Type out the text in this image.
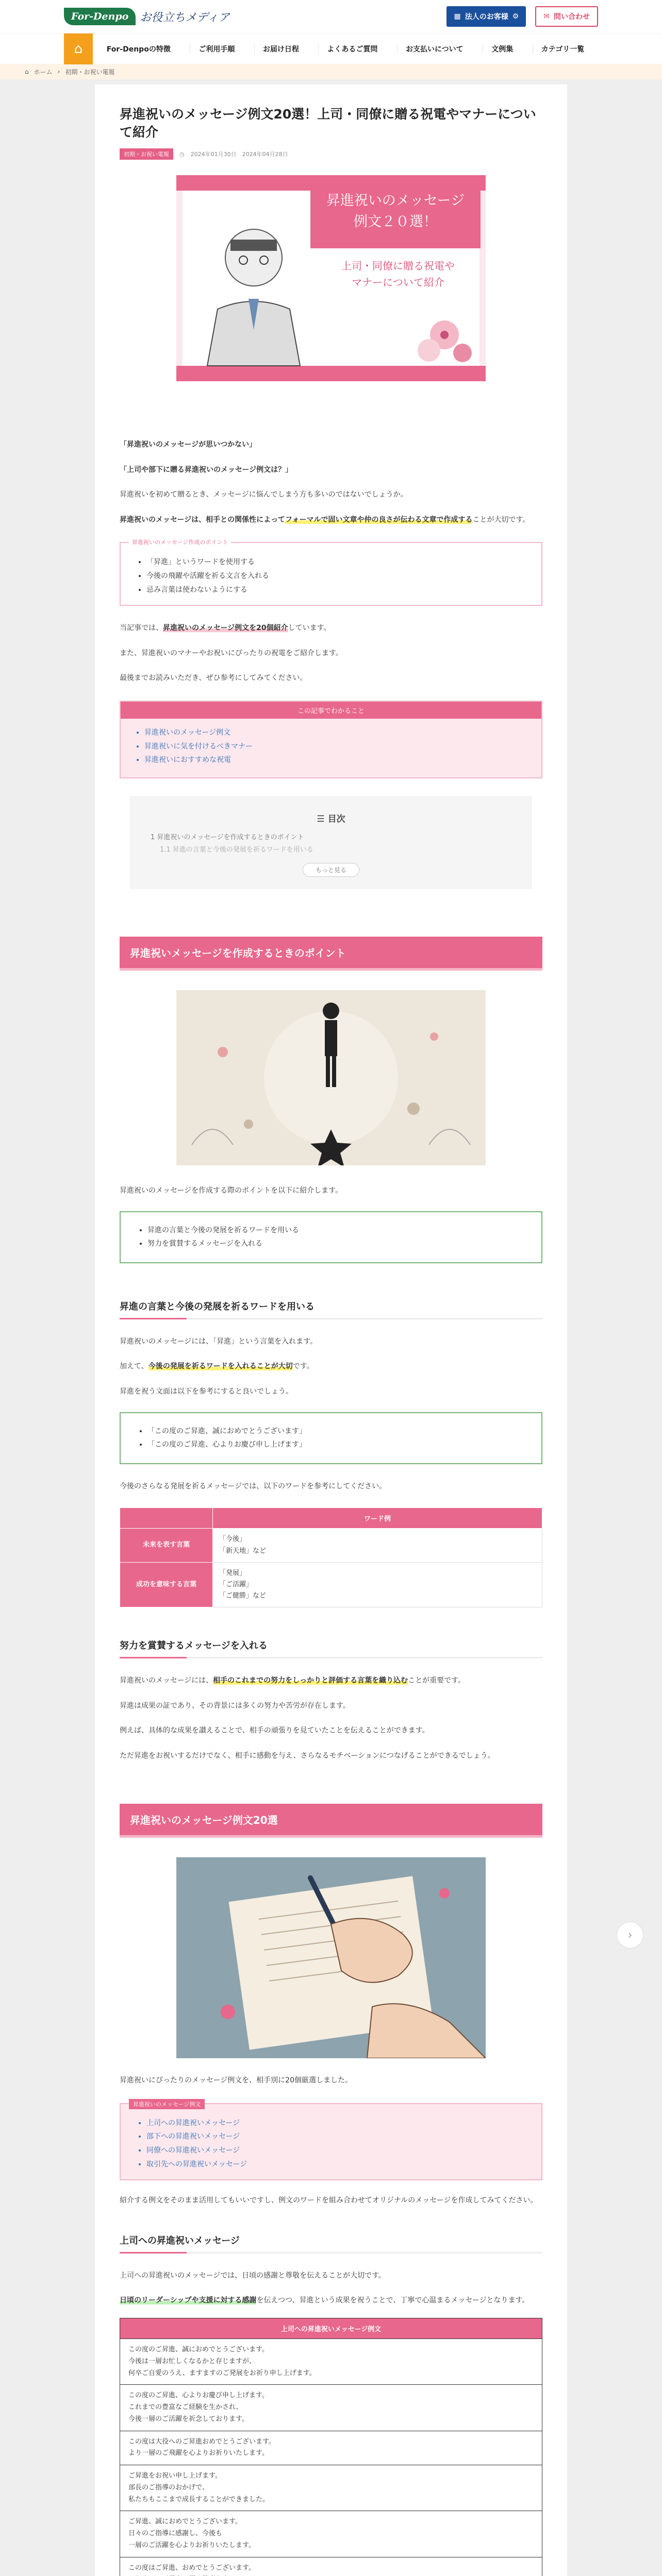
For-Denpo	お役立ちメディア	▦ 法人のお客様 ⚙	✉ 問い合わせ
⌂	For-Denpoの特徴	ご利用手順	お届け日程	よくあるご質問	お支払いについて	文例集	カテゴリ一覧
⌂ ホーム › 初期・お祝い電報
昇進祝いのメッセージ例文20選！上司・同僚に贈る祝電やマナーについて紹介
初期・お祝い電報	◷ 2024年01月30日　2024年04月28日
昇進祝いのメッセージ
例文２０選！
上司・同僚に贈る祝電や
マナーについて紹介

「昇進祝いのメッセージが思いつかない」

「上司や部下に贈る昇進祝いのメッセージ例文は？」

昇進祝いを初めて贈るとき、メッセージに悩んでしまう方も多いのではないでしょうか。

昇進祝いのメッセージは、相手との関係性によってフォーマルで固い文章や仲の良さが伝わる文章で作成することが大切です。

昇進祝いのメッセージ作成のポイント
• 「昇進」というワードを使用する
• 今後の飛躍や活躍を祈る文言を入れる
• 忌み言葉は使わないようにする

当記事では、昇進祝いのメッセージ例文を20個紹介しています。

また、昇進祝いのマナーやお祝いにぴったりの祝電をご紹介します。

最後までお読みいただき、ぜひ参考にしてみてください。

この記事でわかること
• 昇進祝いのメッセージ例文
• 昇進祝いに気を付けるべきマナー
• 昇進祝いにおすすめな祝電
☰ 目次
1 昇進祝いのメッセージを作成するときのポイント
1.1 昇進の言葉と今後の発展を祈るワードを用いる
もっと見る
昇進祝いメッセージを作成するときのポイント

昇進祝いのメッセージを作成する際のポイントを以下に紹介します。

• 昇進の言葉と今後の発展を祈るワードを用いる
• 努力を賞賛するメッセージを入れる
昇進の言葉と今後の発展を祈るワードを用いる

昇進祝いのメッセージには、「昇進」という言葉を入れます。

加えて、今後の発展を祈るワードを入れることが大切です。

昇進を祝う文面は以下を参考にすると良いでしょう。

• 「この度のご昇進、誠におめでとうございます」
• 「この度のご昇進、心よりお慶び申し上げます」

今後のさらなる発展を祈るメッセージでは、以下のワードを参考にしてください。

	ワード例
未来を表す言葉	「今後」
「新天地」など

成功を意味する言葉	「発展」
「ご活躍」
「ご健勝」など
努力を賞賛するメッセージを入れる

昇進祝いのメッセージには、相手のこれまでの努力をしっかりと評価する言葉を織り込むことが重要です。

昇進は成果の証であり、その背景には多くの努力や苦労が存在します。

例えば、具体的な成果を讃えることで、相手の頑張りを見ていたことを伝えることができます。

ただ昇進をお祝いするだけでなく、相手に感動を与え、さらなるモチベーションにつなげることができるでしょう。

昇進祝いのメッセージ例文20選

昇進祝いにぴったりのメッセージ例文を、相手別に20個厳選しました。

昇進祝いのメッセージ例文
• 上司への昇進祝いメッセージ
• 部下への昇進祝いメッセージ
• 同僚への昇進祝いメッセージ
• 取引先への昇進祝いメッセージ

紹介する例文をそのまま活用してもいいですし、例文のワードを組み合わせてオリジナルのメッセージを作成してみてください。

上司への昇進祝いメッセージ

上司への昇進祝いのメッセージでは、日頃の感謝と尊敬を伝えることが大切です。

日頃のリーダーシップや支援に対する感謝を伝えつつ、昇進という成果を祝うことで、丁寧で心温まるメッセージとなります。

上司への昇進祝いメッセージ例文

この度のご昇進、誠におめでとうございます。
今後は一層お忙しくなるかと存じますが、
何卒ご自愛のうえ、ますますのご発展をお祈り申し上げます。

この度のご昇進、心よりお慶び申し上げます。
これまでの豊富なご経験を生かされ、
今後一層のご活躍を祈念しております。

この度は大役へのご昇進おめでとうございます。
より一層のご飛躍を心よりお祈りいたします。

ご昇進をお祝い申し上げます。
部長のご指導のおかげで、
私たちもここまで成長することができました。

ご昇進、誠におめでとうございます。
日々のご指導に感謝し、今後も
一層のご活躍を心よりお祈りいたします。

この度はご昇進、おめでとうございます。

›
